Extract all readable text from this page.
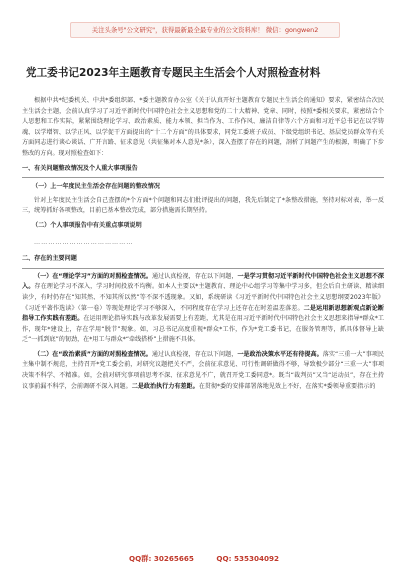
关注头条号"公文研究"，获得最新最全最专业的公文资料库！ 微信：gongwen2
党工委书记2023年主题教育专题民主生活会个人对照检查材料

根据中共*纪委机关、中共*委组织部、*委主题教育办公室《关于认真开好主题教育专题民主生活会的通知》要求，紧密结合次民主生活会主题，会前认真学习了习近平新时代中国特色社会主义思想和党的二十大精神、党章、同时，按照*委相关要求，紧密结合个人思想和工作实际，紧紧围绕理论学习、政治素质、能力本领、担当作为、工作作风、廉洁自律等六个方面和习近平总书记在以学铸魂、以学增智、以学正风、以学促干方面提出的“十二个方面”的具体要求，同党工委班子成员、下级党组织书记、基层党员群众等有关方面同志进行谈心谈话、广开言路、征求意见（共征集对本人意见*条），深入查摆了存在的问题，剖析了问题产生的根源，明确了下步整改的方向。现对照检查如下：

一、有关问题整改情况及个人重大事项报告
（一）上一年度民主生活会存在问题的整改情况

针对上年度民主生活会自己查摆的*个方面*个问题和同志们批评提出的问题，我先后制定了*条整改措施，坚持对标对表，举一反三，统筹抓好各项整改，目前已基本整改完成，部分措施需长期坚持。

（二）个人事项报告中有关重点事项说明
……………………………………
二、存在的主要问题

（一）在“理论学习”方面的对照检查情况。通过认真检视，存在以下问题，一是学习贯彻习近平新时代中国特色社会主义思想不深入。存在理论学习不深入，学习时间投放不均衡。如本人主要以*主题教育、理论中心组学习等集中学习多，但会后自主研读、精读细读少，有时仍存在“知其然、不知其所以然”等不深不透现象。又如，系统研读《习近平新时代中国特色社会主义思想纲要2023年版》《习近平著作选读》（第一卷）等现处理论学习不够深入，不同程度存在学习上还存在在时差温差落差。二是运用新思想新观点新论断指导工作实践有差距。在运用理论指导实践与改革发展需要上有差距，尤其是在用习近平新时代中国特色社会主义思想来指导*群众*工作，现年*建设上，存在学用“脱节”现象。如，习总书记高度重视*群众*工作，作为*党工委书记，在服务管理等，抓具体督导上缺乏“一抓到底”的韧劲，在*用工与群众*“牵线搭桥”上措施不具体。

（二）在“政治素质”方面的对照检查情况。通过认真检视，存在以下问题，一是政治决策水平还有待提高。落实“三重一大”事项民主集中制不规范，主持召开*党工委会前，对研究议题把关不严，会前征求意见、可行性调研做得不够，导致极少部分“三重一大”事项决策不科学、不精准。如，会前对研究事项前思考不深、征求意见不广，就召开党工委同意*。既当“裁判员”又当“运动员”，存在主持议事前漏不科学，会前调研不深入问题。二是政治执行力有差距。在贯彻*委的安排部署落地见效上不好，在落实*委领导重要指示的

QQ群: 30265665	QQ: 535304092
